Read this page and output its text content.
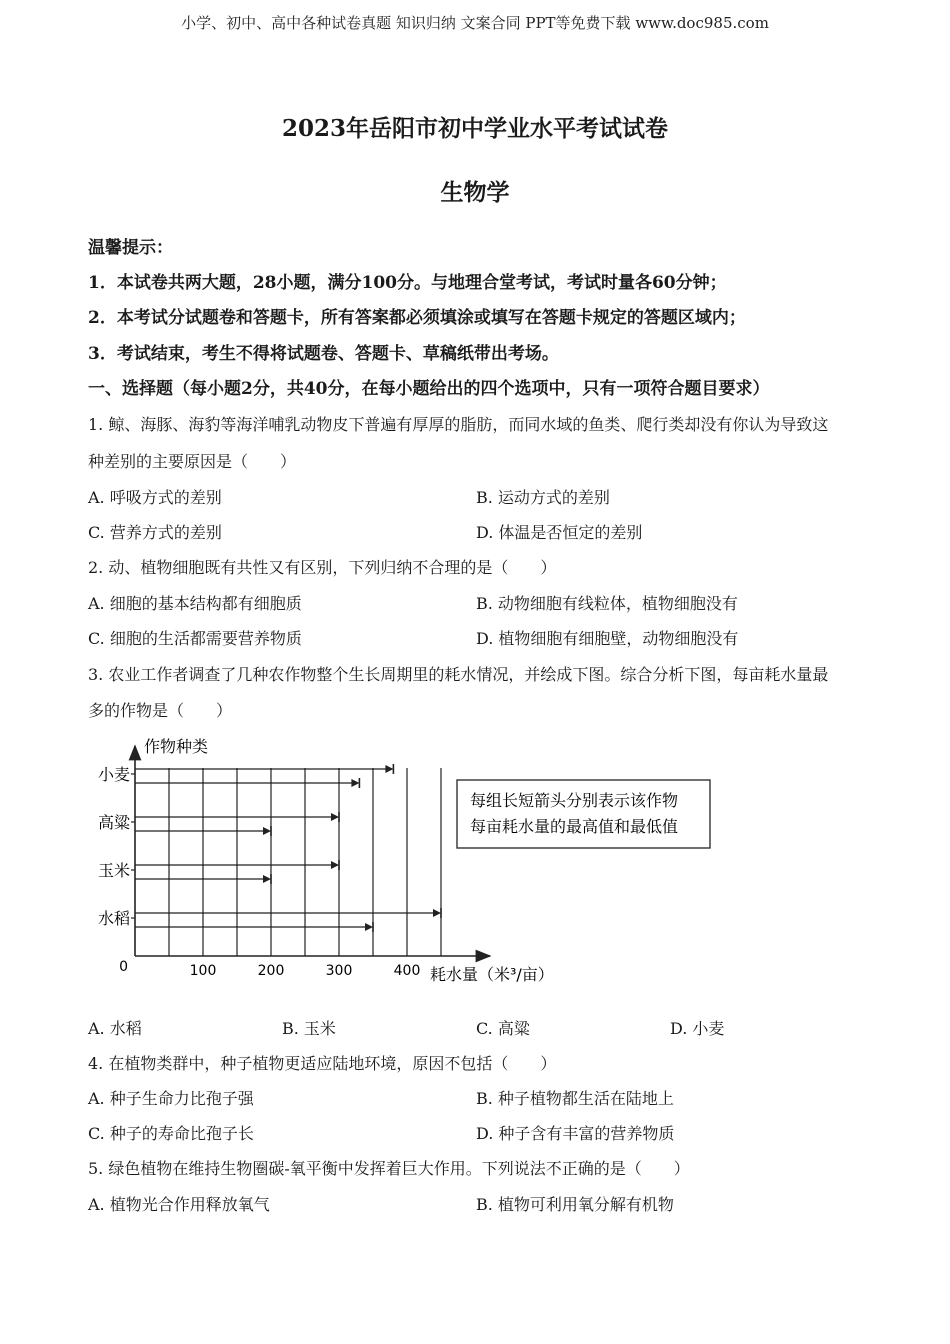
小学、初中、高中各种试卷真题 知识归纳 文案合同 PPT等免费下载 www.doc985.com
2023年岳阳市初中学业水平考试试卷
生物学
温馨提示：
1．本试卷共两大题，28小题，满分100分。与地理合堂考试，考试时量各60分钟；
2．本考试分试题卷和答题卡，所有答案都必须填涂或填写在答题卡规定的答题区域内；
3．考试结束，考生不得将试题卷、答题卡、草稿纸带出考场。
一、选择题（每小题2分，共40分，在每小题给出的四个选项中，只有一项符合题目要求）
1. 鲸、海豚、海豹等海洋哺乳动物皮下普遍有厚厚的脂肪，而同水域的鱼类、爬行类却没有你认为导致这
种差别的主要原因是（　　）
A. 呼吸方式的差别	B. 运动方式的差别
C. 营养方式的差别	D. 体温是否恒定的差别
2. 动、植物细胞既有共性又有区别，下列归纳不合理的是（　　）
A. 细胞的基本结构都有细胞质	B. 动物细胞有线粒体，植物细胞没有
C. 细胞的生活都需要营养物质	D. 植物细胞有细胞壁，动物细胞没有
3. 农业工作者调查了几种农作物整个生长周期里的耗水情况，并绘成下图。综合分析下图，每亩耗水量最
多的作物是（　　）
作物种类
0	耗水量（米³/亩）
100	200	300	400
小麦
高粱
玉米
水稻
每组长短箭头分别表示该作物
每亩耗水量的最高值和最低值
A. 水稻	B. 玉米	C. 高粱	D. 小麦
4. 在植物类群中，种子植物更适应陆地环境，原因不包括（　　）
A. 种子生命力比孢子强	B. 种子植物都生活在陆地上
C. 种子的寿命比孢子长	D. 种子含有丰富的营养物质
5. 绿色植物在维持生物圈碳-氧平衡中发挥着巨大作用。下列说法不正确的是（　　）
A. 植物光合作用释放氧气	B. 植物可利用氧分解有机物
